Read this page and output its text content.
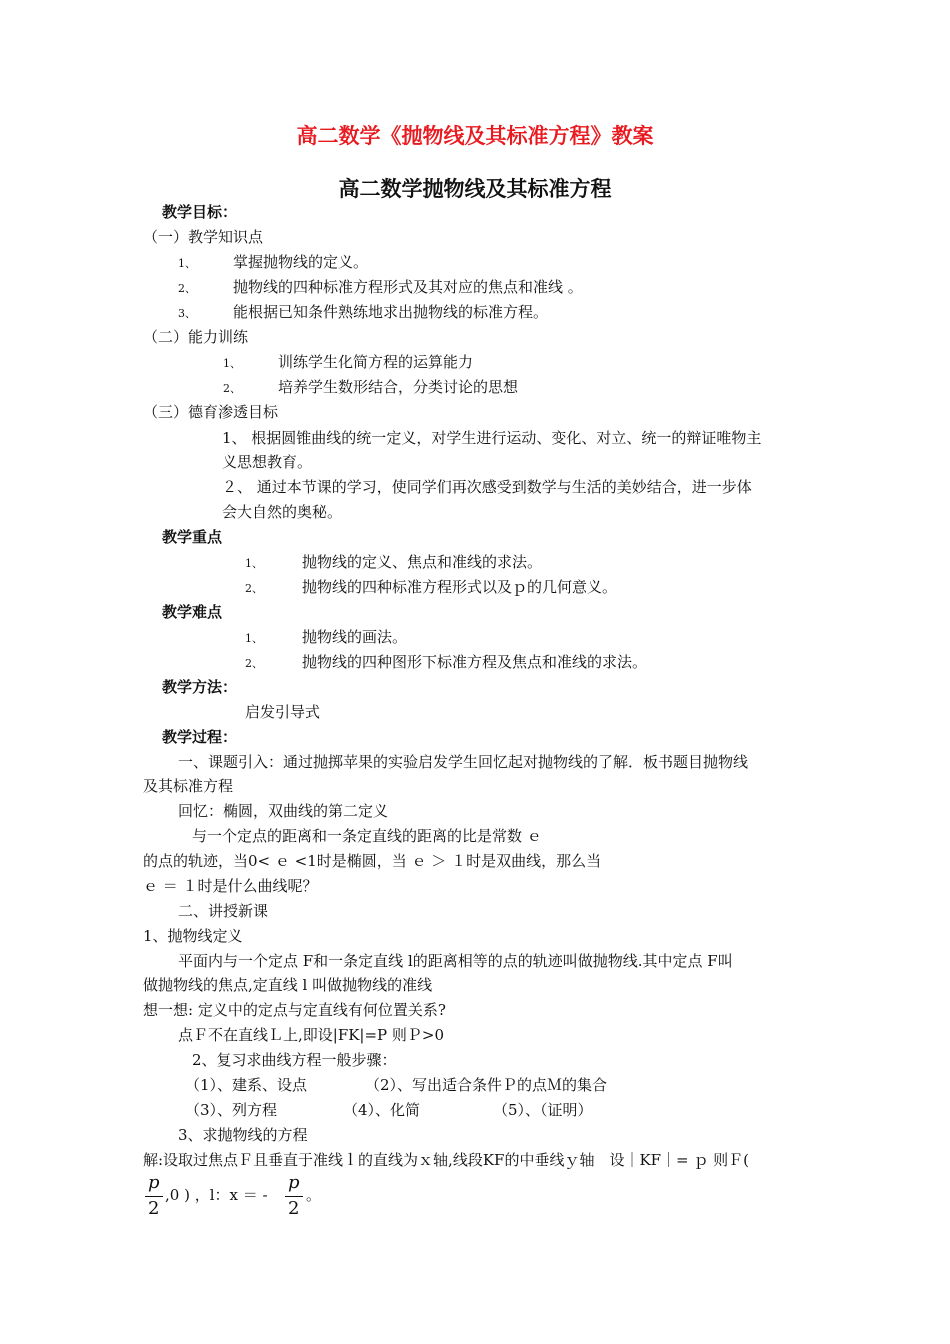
高二数学《抛物线及其标准方程》教案
高二数学抛物线及其标准方程
教学目标：
（一）教学知识点
1、 掌握抛物线的定义。
2、 抛物线的四种标准方程形式及其对应的焦点和准线 。
3、 能根据已知条件熟练地求出抛物线的标准方程。
（二）能力训练
1、 训练学生化简方程的运算能力
2、 培养学生数形结合，分类讨论的思想
（三）德育渗透目标
1、 根据圆锥曲线的统一定义，对学生进行运动、变化、对立、统一的辩证唯物主
义思想教育。
２、 通过本节课的学习，使同学们再次感受到数学与生活的美妙结合，进一步体
会大自然的奥秘。
教学重点
1、	抛物线的定义、焦点和准线的求法。
2、	抛物线的四种标准方程形式以及ｐ的几何意义。
教学难点
1、	抛物线的画法。
2、	抛物线的四种图形下标准方程及焦点和准线的求法。
教学方法：
启发引导式
教学过程：
一、课题引入：通过抛掷苹果的实验启发学生回忆起对抛物线的了解．板书题目抛物线
及其标准方程
回忆：椭圆，双曲线的第二定义
与一个定点的距离和一条定直线的距离的比是常数 ｅ
的点的轨迹，当0< ｅ <1时是椭圆，当 ｅ ＞ １时是双曲线，那么当
ｅ ＝ １时是什么曲线呢？
二、讲授新课
1、抛物线定义
平面内与一个定点 F和一条定直线 l的距离相等的点的轨迹叫做抛物线.其中定点 F叫
做抛物线的焦点,定直线 l 叫做抛物线的准线
想一想: 定义中的定点与定直线有何位置关系?
点Ｆ不在直线Ｌ上,即设|FK|=P 则Ｐ>0
2、复习求曲线方程一般步骤：
（1）、建系、设点	（2）、写出适合条件Ｐ的点Ｍ的集合
（3）、列方程	（4）、化简	（5）、（证明）
3、求抛物线的方程
解:设取过焦点Ｆ且垂直于准线ｌ的直线为ｘ轴,线段KF的中垂线ｙ轴　设｜KF｜= ｐ 则Ｆ(
p
2
,0 ) ，l：x ＝ -
p
2
。
